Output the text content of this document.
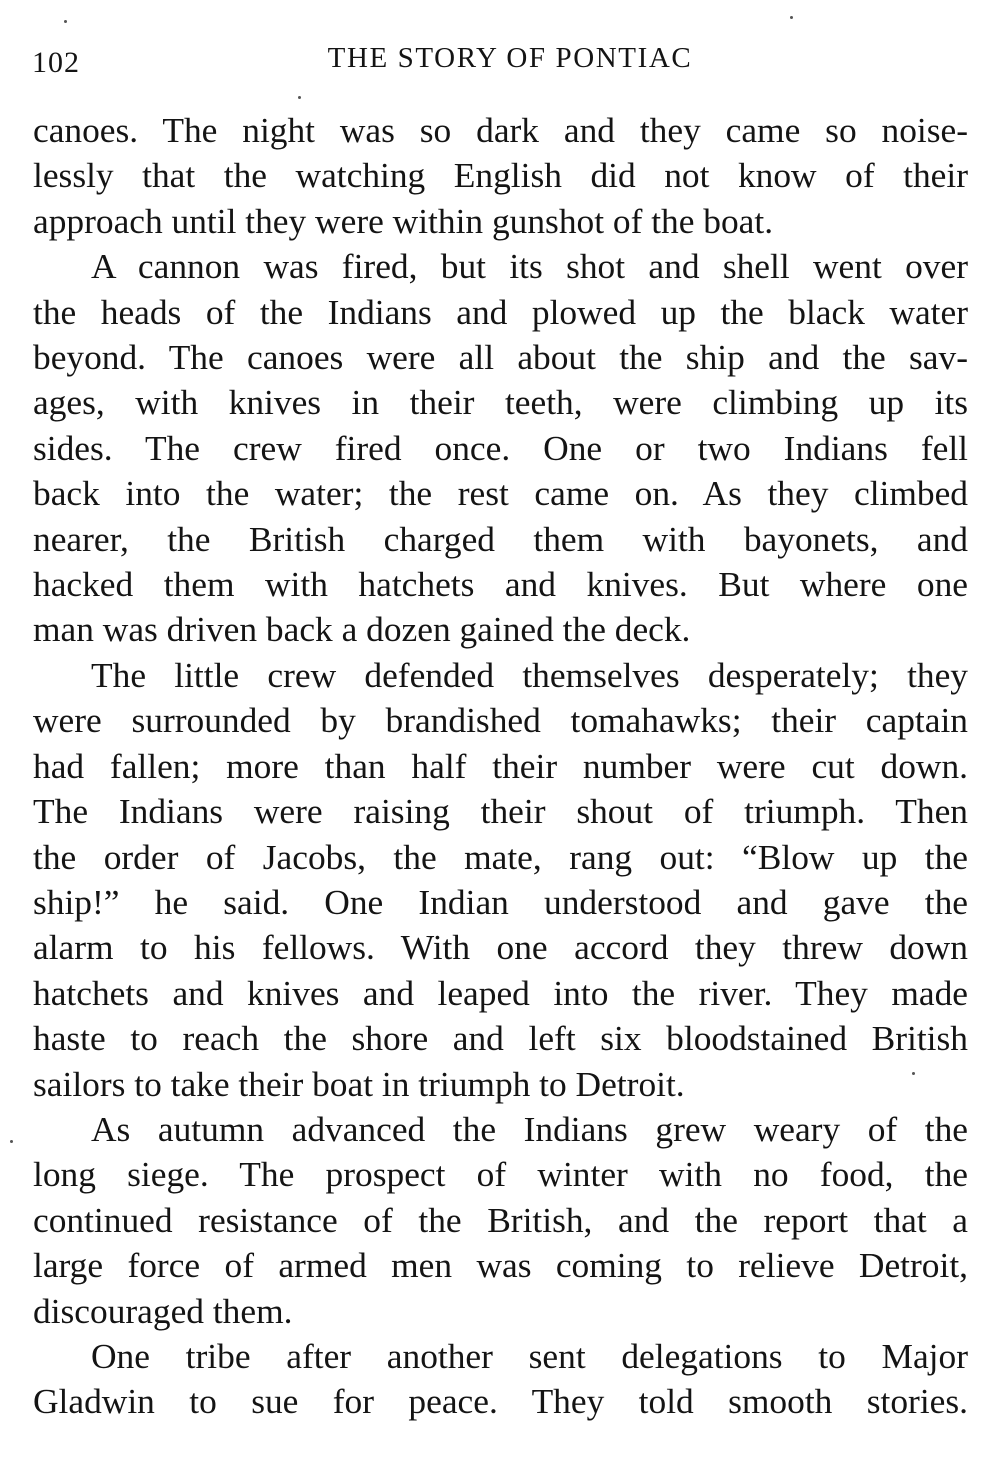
102	THE STORY OF PONTIAC

canoes. The night was so dark and they came so noise-
lessly that the watching English did not know of their
approach until they were within gunshot of the boat.

A cannon was fired, but its shot and shell went over
the heads of the Indians and plowed up the black water
beyond. The canoes were all about the ship and the sav-
ages, with knives in their teeth, were climbing up its
sides. The crew fired once. One or two Indians fell
back into the water; the rest came on. As they climbed
nearer, the British charged them with bayonets, and
hacked them with hatchets and knives. But where one
man was driven back a dozen gained the deck.

The little crew defended themselves desperately; they
were surrounded by brandished tomahawks; their captain
had fallen; more than half their number were cut down.
The Indians were raising their shout of triumph. Then
the order of Jacobs, the mate, rang out: “Blow up the
ship!” he said. One Indian understood and gave the
alarm to his fellows. With one accord they threw down
hatchets and knives and leaped into the river. They made
haste to reach the shore and left six bloodstained British
sailors to take their boat in triumph to Detroit.

As autumn advanced the Indians grew weary of the
long siege. The prospect of winter with no food, the
continued resistance of the British, and the report that a
large force of armed men was coming to relieve Detroit,
discouraged them.

One tribe after another sent delegations to Major
Gladwin to sue for peace. They told smooth stories.
